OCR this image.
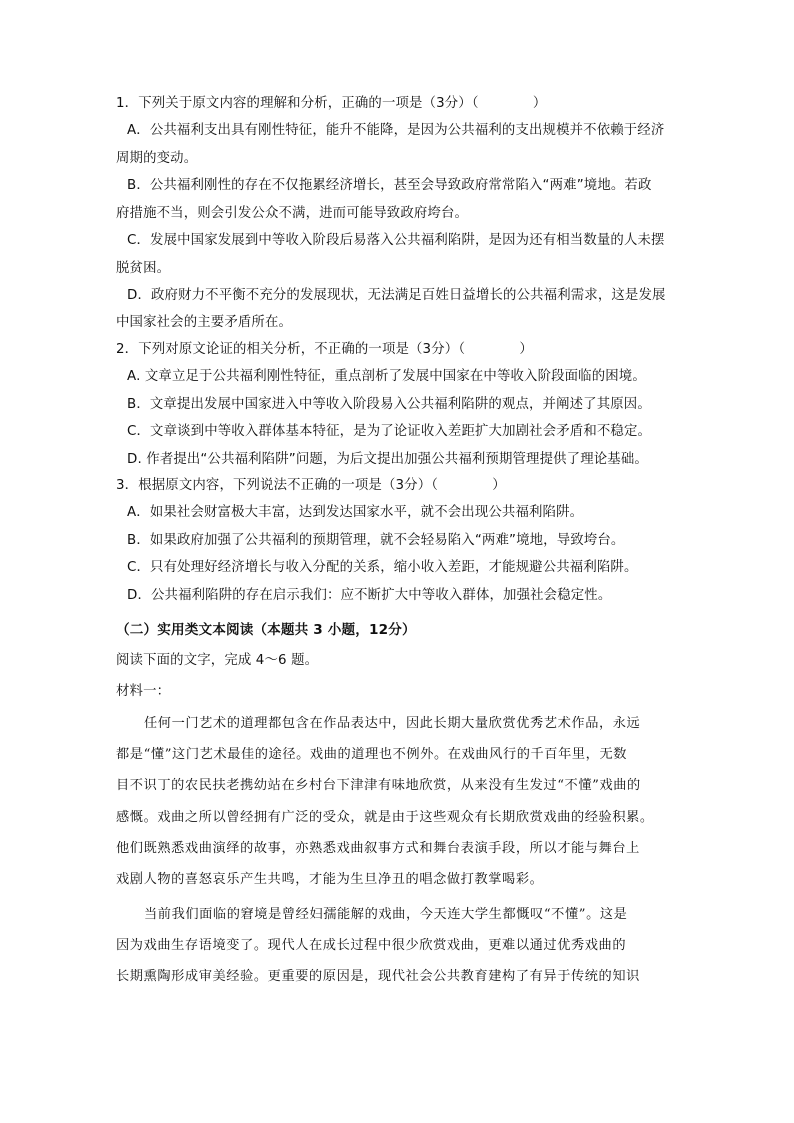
1．下列关于原文内容的理解和分析，正确的一项是（3分）（　　　　）
A．公共福利支出具有刚性特征，能升不能降，是因为公共福利的支出规模并不依赖于经济
周期的变动。
B．公共福利刚性的存在不仅拖累经济增长，甚至会导致政府常常陷入“两难”境地。若政
府措施不当，则会引发公众不满，进而可能导致政府垮台。
C．发展中国家发展到中等收入阶段后易落入公共福利陷阱，是因为还有相当数量的人未摆
脱贫困。
D．政府财力不平衡不充分的发展现状，无法满足百姓日益增长的公共福利需求，这是发展
中国家社会的主要矛盾所在。
2．下列对原文论证的相关分析，不正确的一项是（3分）（　　　　）
A. 文章立足于公共福利刚性特征，重点剖析了发展中国家在中等收入阶段面临的困境。
B．文章提出发展中国家进入中等收入阶段易入公共福利陷阱的观点，并阐述了其原因。
C．文章谈到中等收入群体基本特征，是为了论证收入差距扩大加剧社会矛盾和不稳定。
D. 作者提出“公共福利陷阱”问题，为后文提出加强公共福利预期管理提供了理论基础。
3．根据原文内容，下列说法不正确的一项是（3分）（　　　　）
A．如果社会财富极大丰富，达到发达国家水平，就不会出现公共福利陷阱。
B．如果政府加强了公共福利的预期管理，就不会轻易陷入“两难”境地，导致垮台。
C．只有处理好经济增长与收入分配的关系，缩小收入差距，才能规避公共福利陷阱。
D．公共福利陷阱的存在启示我们：应不断扩大中等收入群体，加强社会稳定性。
（二）实用类文本阅读（本题共 3 小题，12分）
阅读下面的文字，完成 4～6 题。
材料一：
任何一门艺术的道理都包含在作品表达中，因此长期大量欣赏优秀艺术作品，永远
都是“懂”这门艺术最佳的途径。戏曲的道理也不例外。在戏曲风行的千百年里，无数
目不识丁的农民扶老携幼站在乡村台下津津有味地欣赏，从来没有生发过“不懂”戏曲的
感慨。戏曲之所以曾经拥有广泛的受众，就是由于这些观众有长期欣赏戏曲的经验积累。
他们既熟悉戏曲演绎的故事，亦熟悉戏曲叙事方式和舞台表演手段，所以才能与舞台上
戏剧人物的喜怒哀乐产生共鸣，才能为生旦净丑的唱念做打教掌喝彩。
当前我们面临的窘境是曾经妇孺能解的戏曲，今天连大学生都慨叹“不懂”。这是
因为戏曲生存语境变了。现代人在成长过程中很少欣赏戏曲，更难以通过优秀戏曲的
长期熏陶形成审美经验。更重要的原因是，现代社会公共教育建构了有异于传统的知识
